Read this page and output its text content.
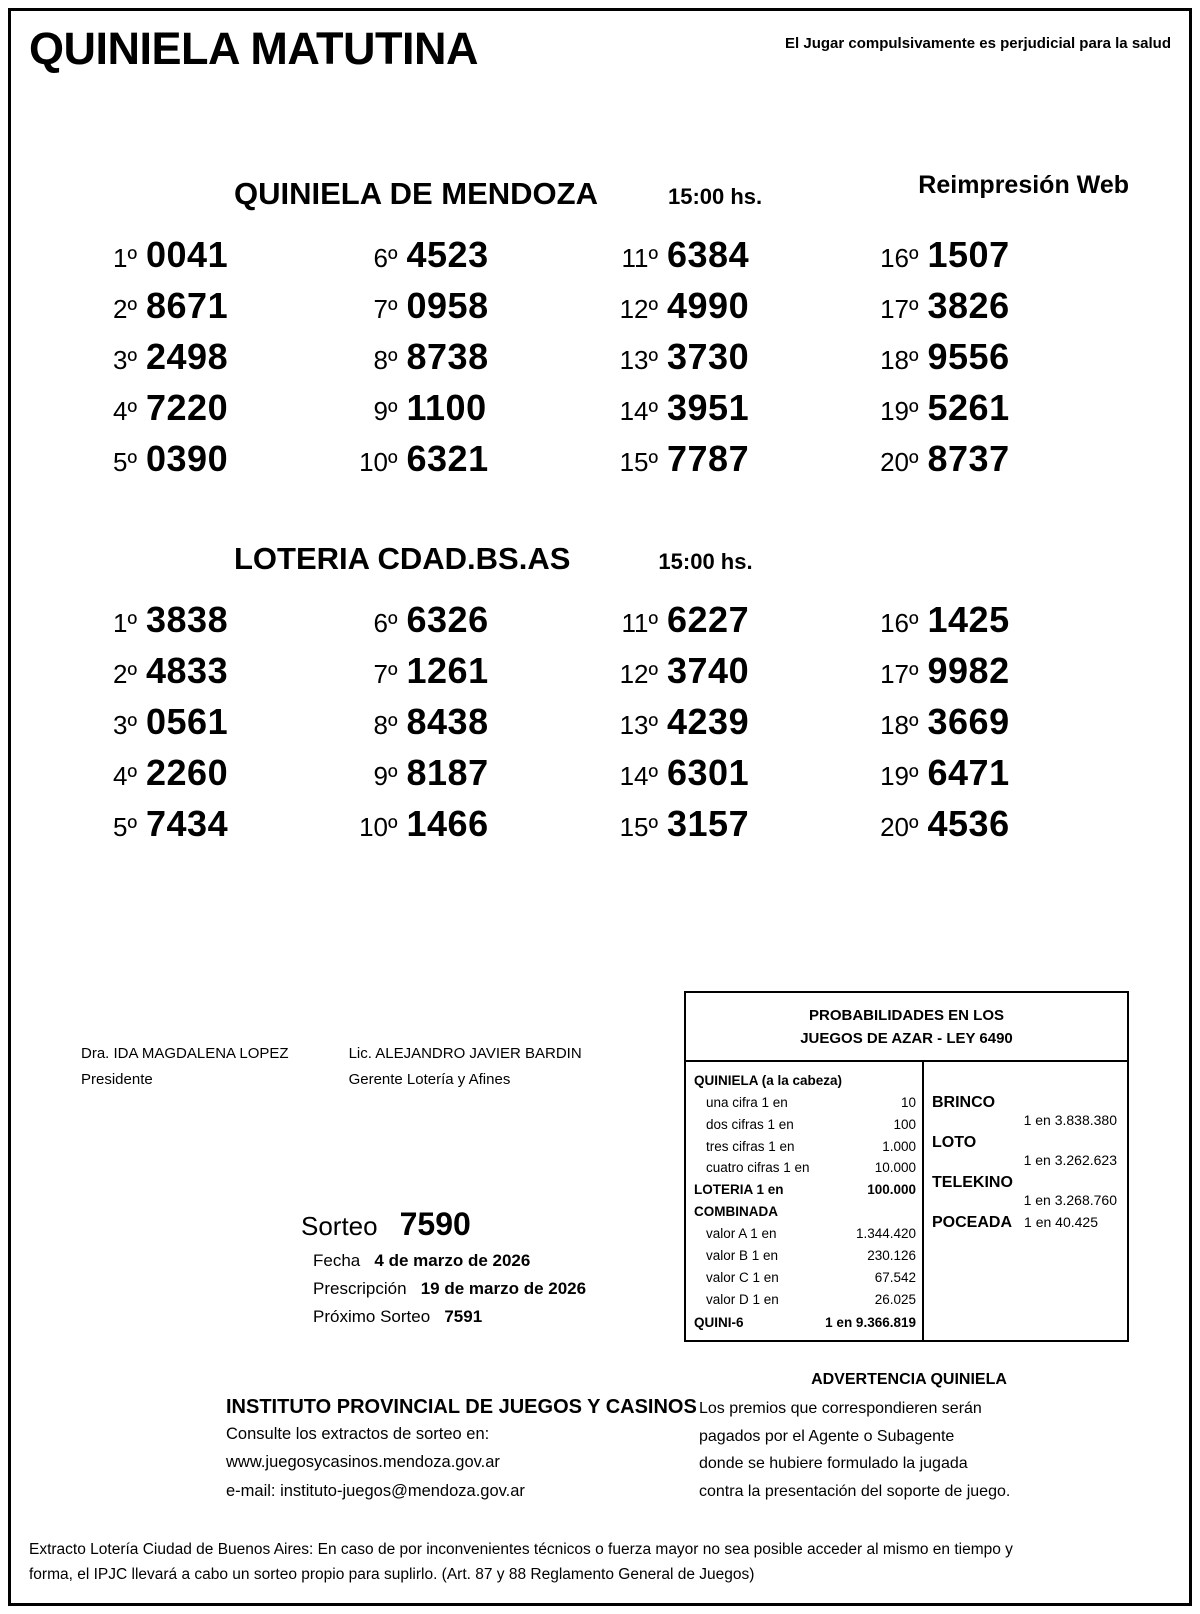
QUINIELA MATUTINA	El Jugar compulsivamente es perjudicial para la salud
Reimpresión Web
QUINIELA DE MENDOZA	15:00 hs.
1º 0041	6º 4523	11º 6384	16º 1507
2º 8671	7º 0958	12º 4990	17º 3826
3º 2498	8º 8738	13º 3730	18º 9556
4º 7220	9º 1100	14º 3951	19º 5261
5º 0390	10º 6321	15º 7787	20º 8737
LOTERIA CDAD.BS.AS	15:00 hs.
1º 3838	6º 6326	11º 6227	16º 1425
2º 4833	7º 1261	12º 3740	17º 9982
3º 0561	8º 8438	13º 4239	18º 3669
4º 2260	9º 8187	14º 6301	19º 6471
5º 7434	10º 1466	15º 3157	20º 4536
Dra. IDA MAGDALENA LOPEZ
Presidente
Lic. ALEJANDRO JAVIER BARDIN
Gerente Lotería y Afines
Sorteo 7590
Fecha 4 de marzo de 2026
Prescripción 19 de marzo de 2026
Próximo Sorteo 7591
PROBABILIDADES EN LOS
JUEGOS DE AZAR - LEY 6490
QUINIELA (a la cabeza)
una cifra 1 en	10
dos cifras 1 en	100
tres cifras 1 en	1.000
cuatro cifras 1 en	10.000
LOTERIA 1 en	100.000
COMBINADA
valor A 1 en	1.344.420
valor B 1 en	230.126
valor C 1 en	67.542
valor D 1 en	26.025
QUINI-6	1 en 9.366.819
BRINCO
1 en 3.838.380
LOTO
1 en 3.262.623
TELEKINO
1 en 3.268.760
POCEADA 1 en 40.425
ADVERTENCIA QUINIELA
Los premios que correspondieren serán
pagados por el Agente o Subagente
donde se hubiere formulado la jugada
contra la presentación del soporte de juego.
INSTITUTO PROVINCIAL DE JUEGOS Y CASINOS
Consulte los extractos de sorteo en:
www.juegosycasinos.mendoza.gov.ar
e-mail: instituto-juegos@mendoza.gov.ar
Extracto Lotería Ciudad de Buenos Aires: En caso de por inconvenientes técnicos o fuerza mayor no sea posible acceder al mismo en tiempo y
forma, el IPJC llevará a cabo un sorteo propio para suplirlo. (Art. 87 y 88 Reglamento General de Juegos)
